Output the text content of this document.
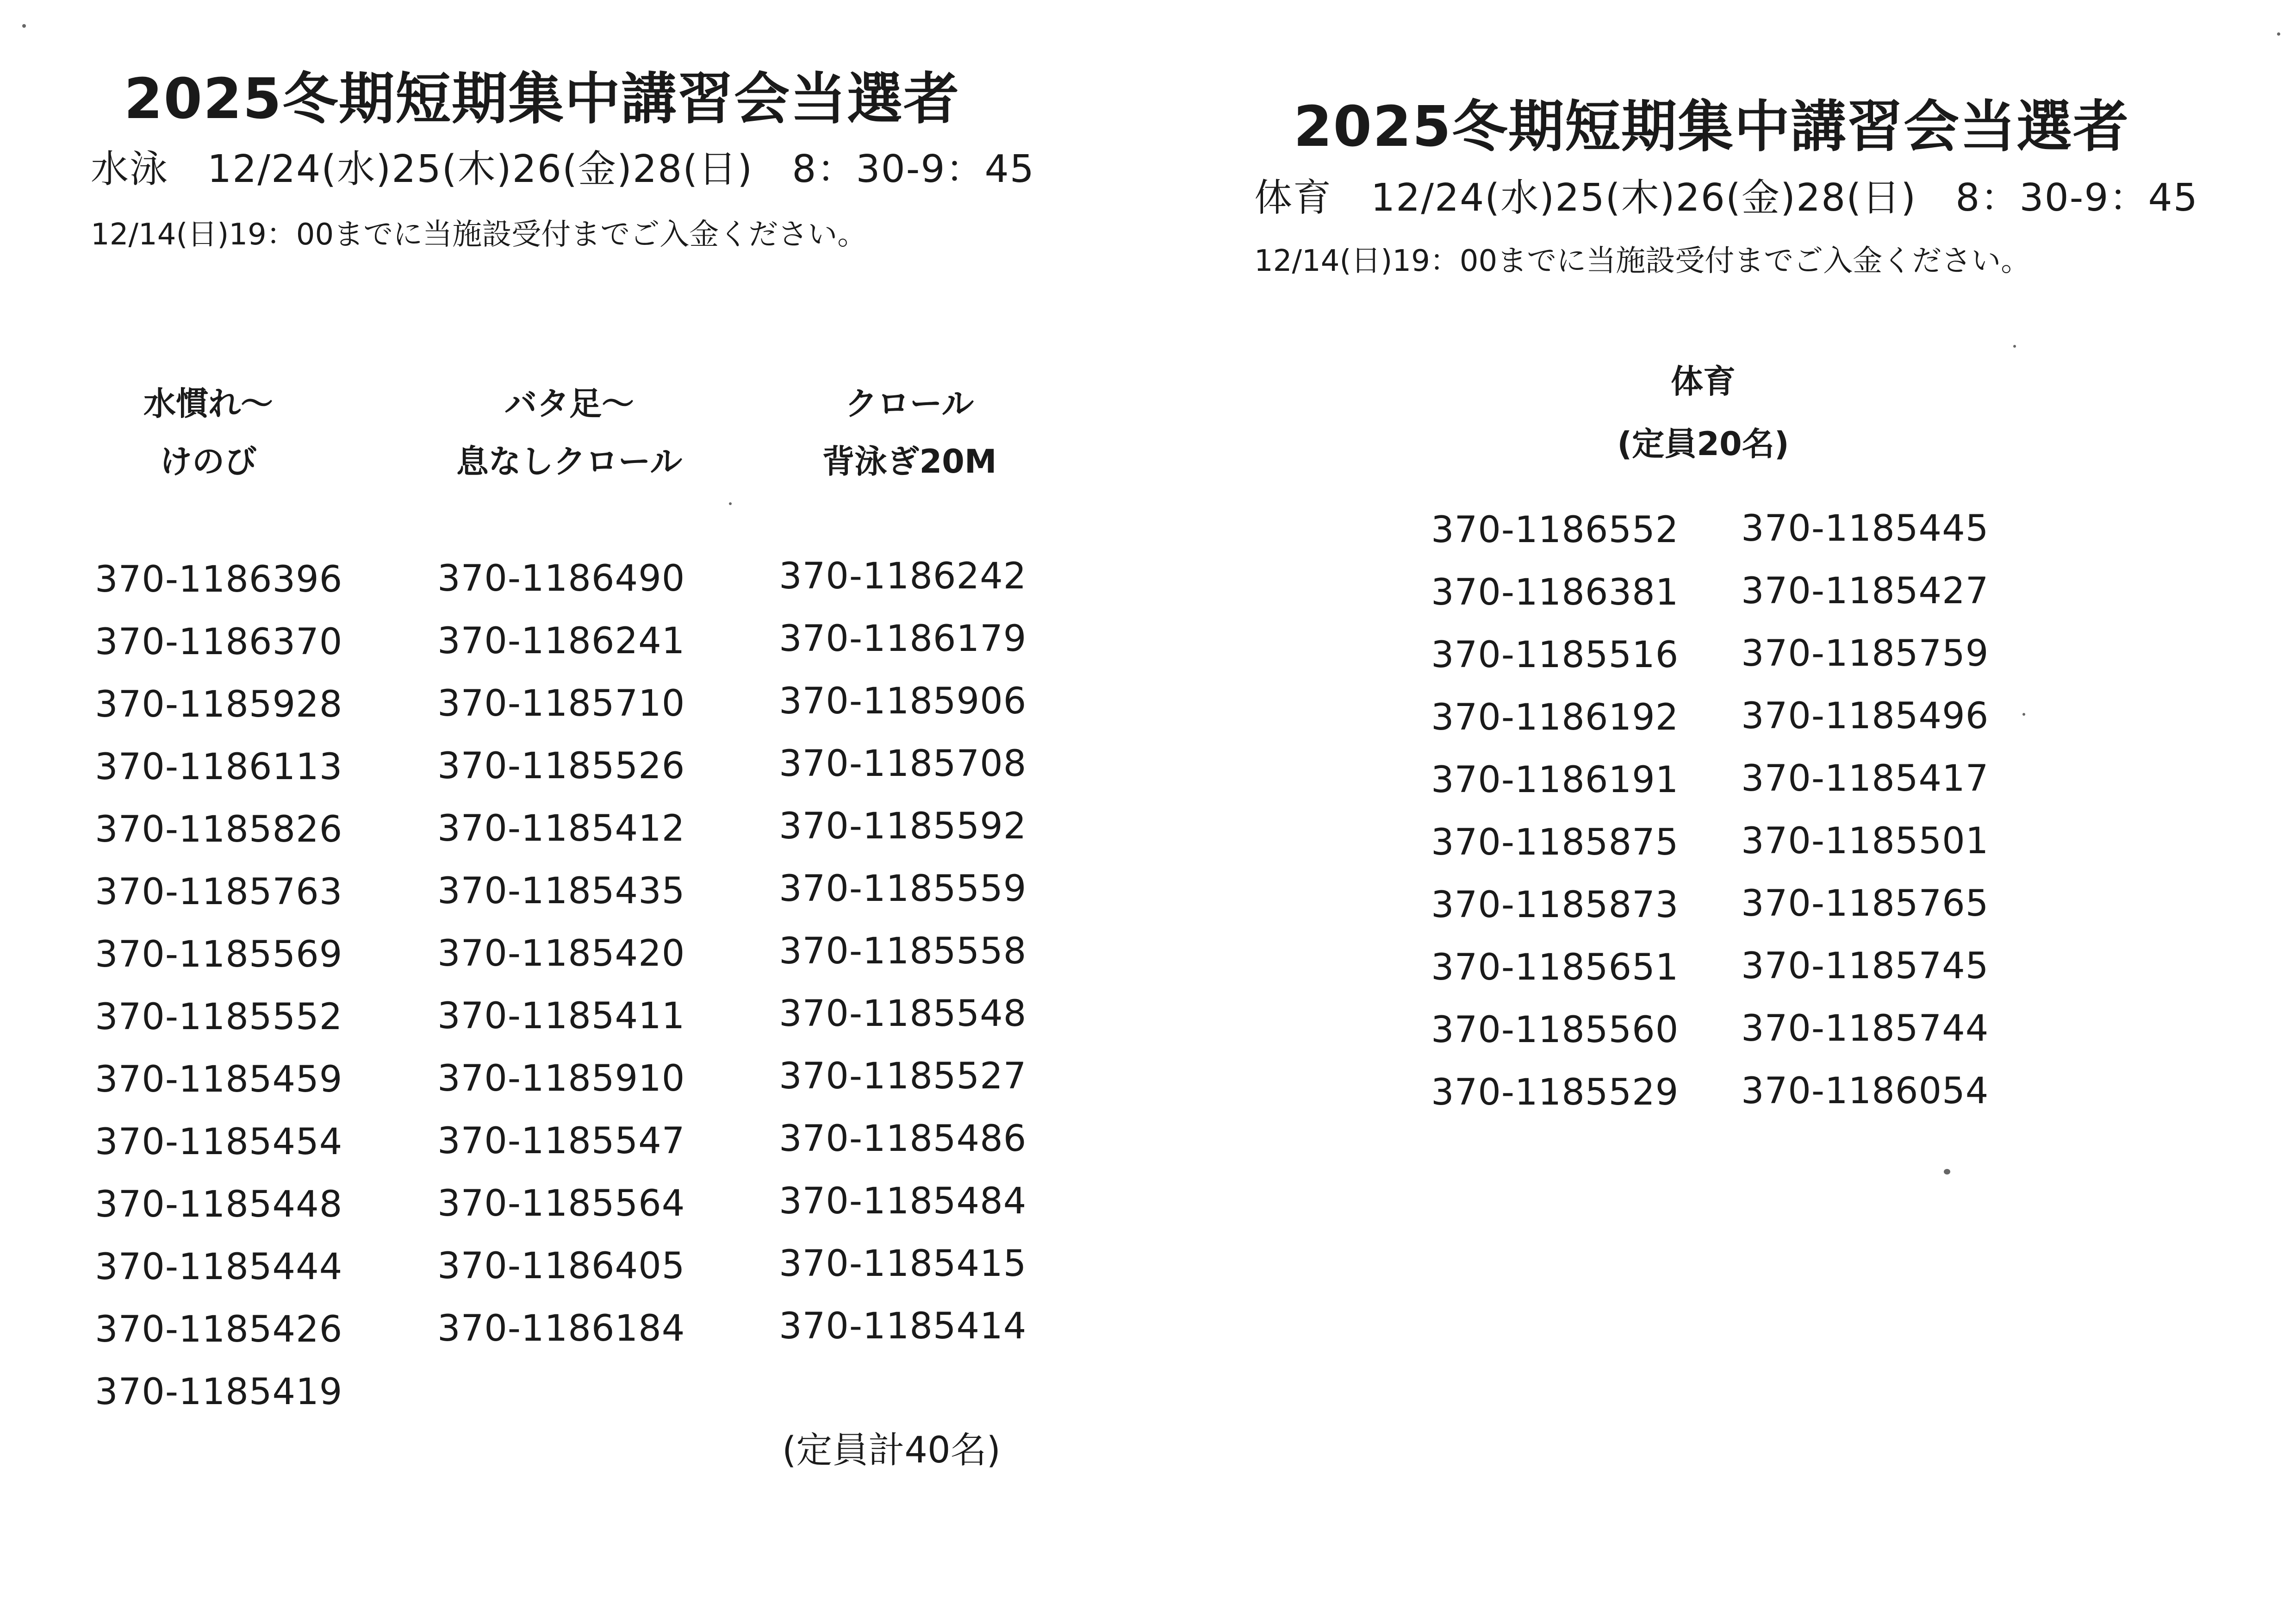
2025冬期短期集中講習会当選者
水泳　12/24(水)25(木)26(金)28(日)　8：30-9：45
12/14(日)19：00までに当施設受付までご入金ください。
水慣れ～
けのび
370-1186396
370-1186370
370-1185928
370-1186113
370-1185826
370-1185763
370-1185569
370-1185552
370-1185459
370-1185454
370-1185448
370-1185444
370-1185426
370-1185419
バタ足～
息なしクロール
370-1186490
370-1186241
370-1185710
370-1185526
370-1185412
370-1185435
370-1185420
370-1185411
370-1185910
370-1185547
370-1185564
370-1186405
370-1186184
クロール
背泳ぎ20M
370-1186242
370-1186179
370-1185906
370-1185708
370-1185592
370-1185559
370-1185558
370-1185548
370-1185527
370-1185486
370-1185484
370-1185415
370-1185414
(定員計40名)
2025冬期短期集中講習会当選者
体育　12/24(水)25(木)26(金)28(日)　8：30-9：45
12/14(日)19：00までに当施設受付までご入金ください。
体育
(定員20名)
370-1186552
370-1186381
370-1185516
370-1186192
370-1186191
370-1185875
370-1185873
370-1185651
370-1185560
370-1185529
370-1185445
370-1185427
370-1185759
370-1185496
370-1185417
370-1185501
370-1185765
370-1185745
370-1185744
370-1186054
